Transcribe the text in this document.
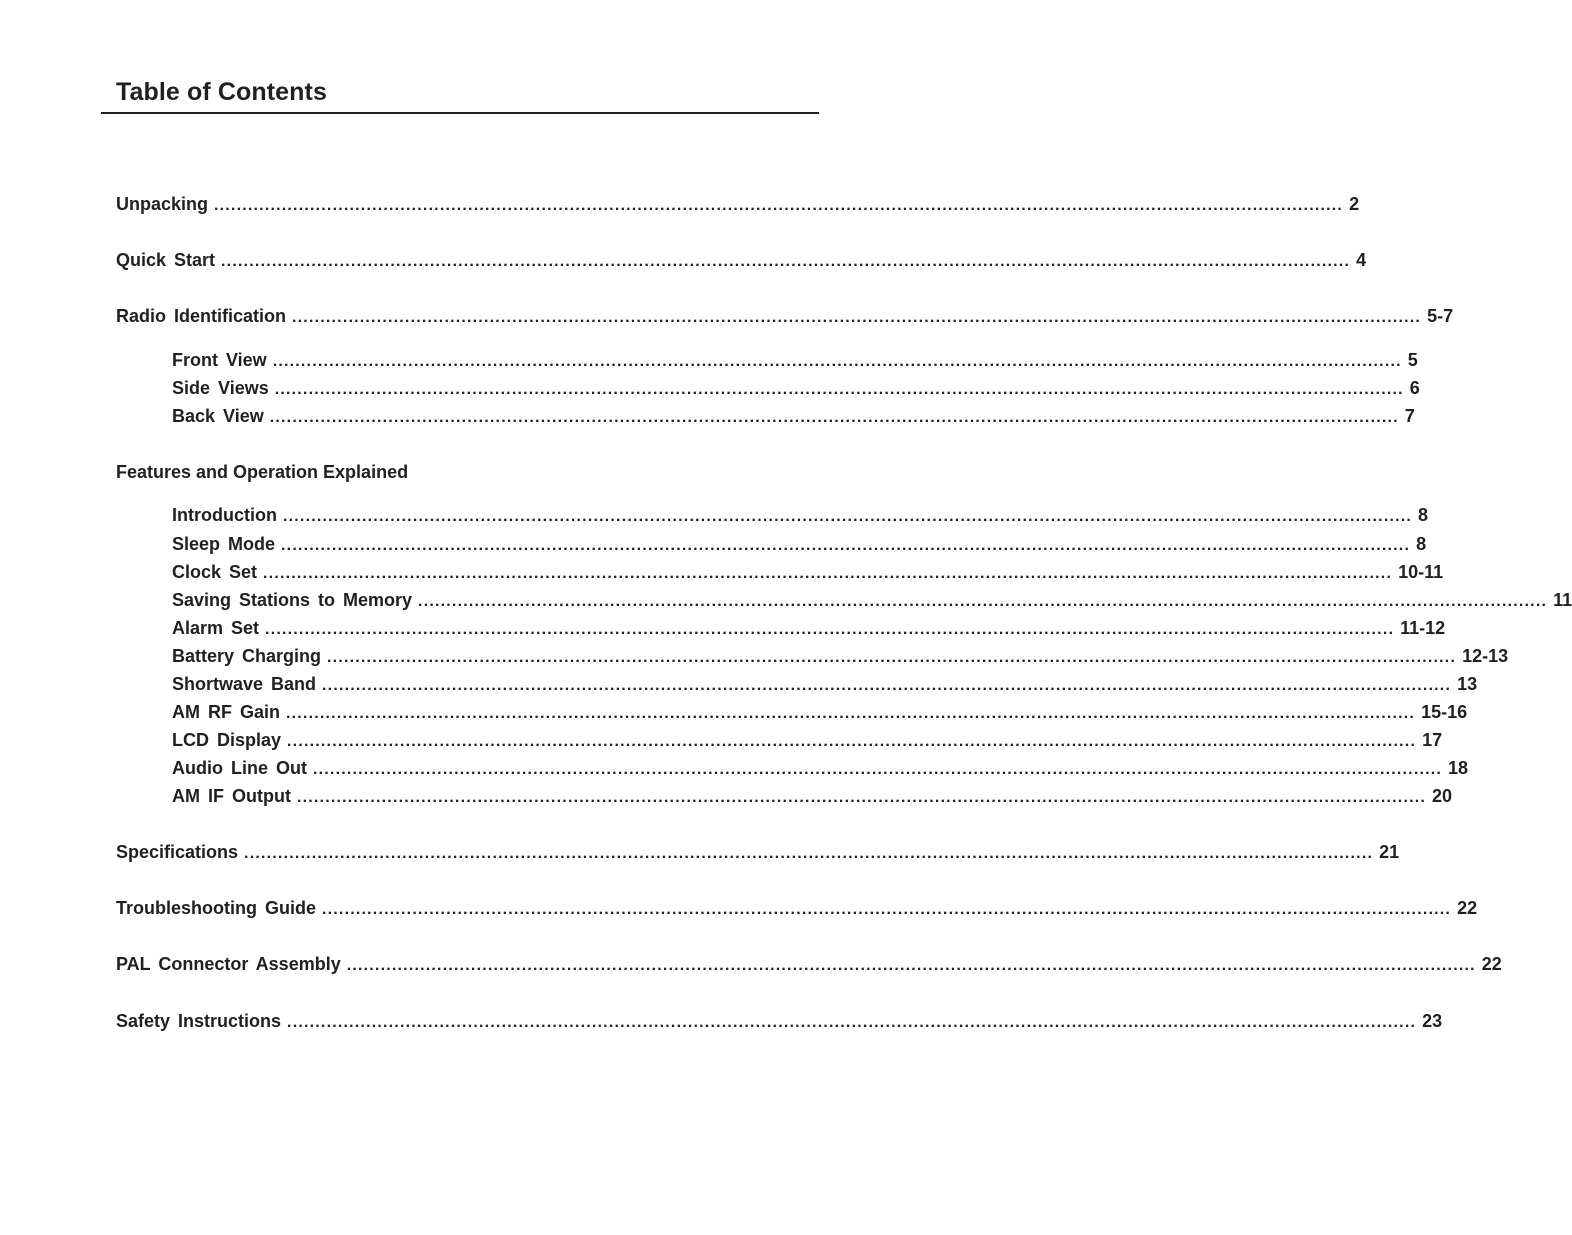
Table of Contents
Unpacking ........................................................................................................................................................................................................ 2
Quick Start ........................................................................................................................................................................................................ 4
Radio Identification ........................................................................................................................................................................................................ 5-7
Front View ........................................................................................................................................................................................................ 5
Side Views ........................................................................................................................................................................................................ 6
Back View ........................................................................................................................................................................................................ 7
Features and Operation Explained
Introduction ........................................................................................................................................................................................................ 8
Sleep Mode ........................................................................................................................................................................................................ 8
Clock Set ........................................................................................................................................................................................................ 10-11
Saving Stations to Memory ........................................................................................................................................................................................................ 11
Alarm Set ........................................................................................................................................................................................................ 11-12
Battery Charging ........................................................................................................................................................................................................ 12-13
Shortwave Band ........................................................................................................................................................................................................ 13
AM RF Gain ........................................................................................................................................................................................................ 15-16
LCD Display ........................................................................................................................................................................................................ 17
Audio Line Out ........................................................................................................................................................................................................ 18
AM IF Output ........................................................................................................................................................................................................ 20
Specifications ........................................................................................................................................................................................................ 21
Troubleshooting Guide ........................................................................................................................................................................................................ 22
PAL Connector Assembly ........................................................................................................................................................................................................ 22
Safety Instructions ........................................................................................................................................................................................................ 23
